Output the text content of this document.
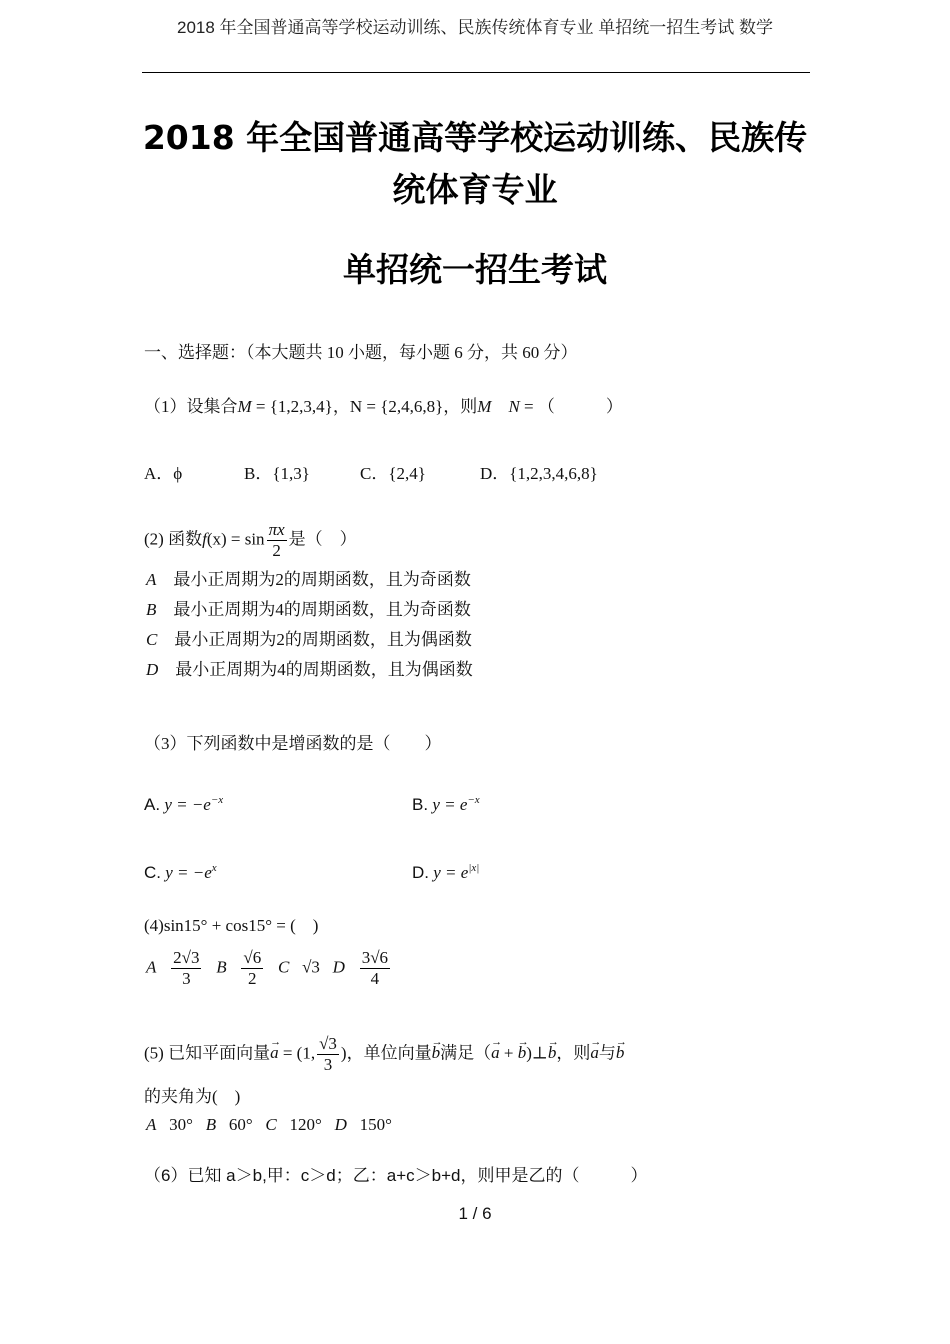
2018 年全国普通高等学校运动训练、民族传统体育专业 单招统一招生考试 数学
2018 年全国普通高等学校运动训练、民族传
统体育专业
单招统一招生考试
一、选择题：（本大题共 10 小题，每小题 6 分，共 60 分）
（1）设集合M = {1,2,3,4}，N = {2,4,6,8}，则M  N = （　　　）
A．ϕ	B．{1,3}	C．{2,4}	D．{1,2,3,4,6,8}
(2) 函数$f(x) = \sin \frac{\pi x}{2}$ 是（　）
A  最小正周期为2的周期函数，且为奇函数
B  最小正周期为4的周期函数，且为奇函数
C  最小正周期为2的周期函数，且为偶函数
D  最小正周期为4的周期函数，且为偶函数
（3）下列函数中是增函数的是（　　）
A. $y = -e^{-x}$	B. $y = e^{-x}$
C. $y = -e^x$	D. $y = e^{|x|}$
(4)sin15° + cos15° = (　)
A  $\frac{2√3}{3}$
  B  $\frac{√6}{2}$
  C  √3  D  $\frac{3√6}{4}$
(5) 已知平面向量→ a = (1, $\frac{√3}{3}$ )，单位向量→ b满足（→ a + → b)⊥→ b，则→ a与→ b
的夹角为(　)
A  30°  B  60°  C  120°  D  150°
（6）已知 a＞b,甲：c＞d；乙：a+c＞b+d，则甲是乙的（　　　）
1 / 6
